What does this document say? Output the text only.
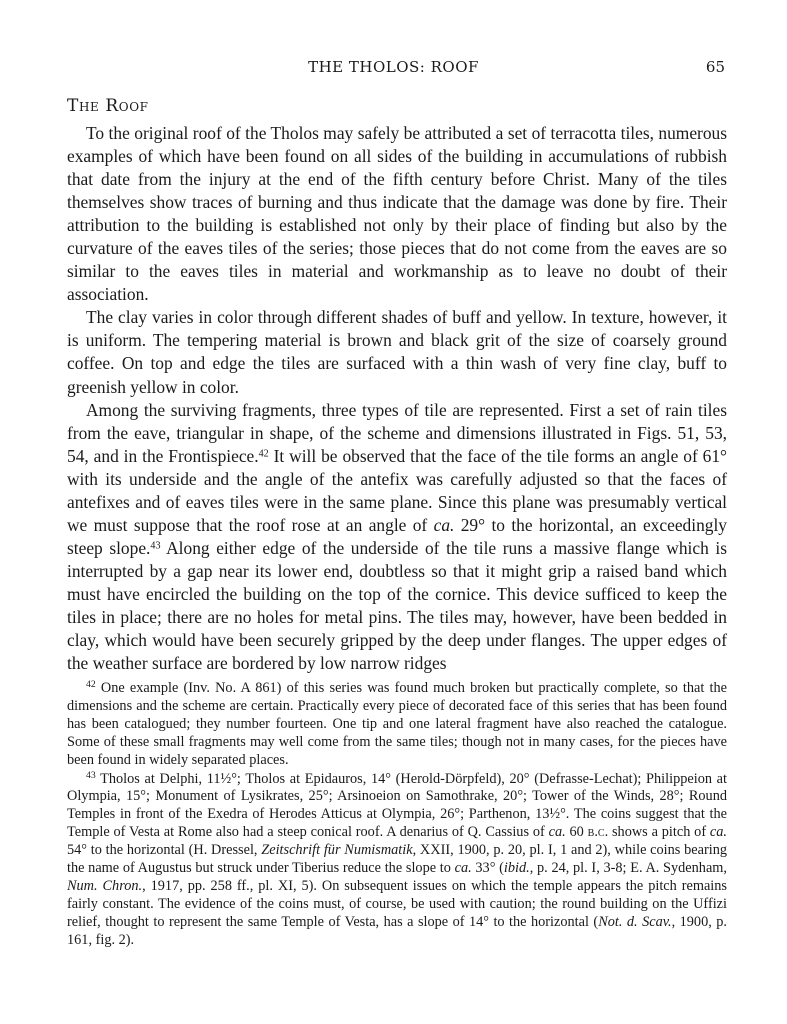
THE THOLOS: ROOF	65
The Roof

To the original roof of the Tholos may safely be attributed a set of terracotta tiles, numerous examples of which have been found on all sides of the building in accumulations of rubbish that date from the injury at the end of the fifth century before Christ. Many of the tiles themselves show traces of burning and thus indicate that the damage was done by fire. Their attribution to the building is established not only by their place of finding but also by the curvature of the eaves tiles of the series; those pieces that do not come from the eaves are so similar to the eaves tiles in material and workmanship as to leave no doubt of their association.

The clay varies in color through different shades of buff and yellow. In texture, however, it is uniform. The tempering material is brown and black grit of the size of coarsely ground coffee. On top and edge the tiles are surfaced with a thin wash of very fine clay, buff to greenish yellow in color.

Among the surviving fragments, three types of tile are represented. First a set of rain tiles from the eave, triangular in shape, of the scheme and dimensions illustrated in Figs. 51, 53, 54, and in the Frontispiece.$^{42}$ It will be observed that the face of the tile forms an angle of 61° with its underside and the angle of the antefix was carefully adjusted so that the faces of antefixes and of eaves tiles were in the same plane. Since this plane was presumably vertical we must suppose that the roof rose at an angle of ca. 29° to the horizontal, an exceedingly steep slope.$^{43}$ Along either edge of the underside of the tile runs a massive flange which is interrupted by a gap near its lower end, doubtless so that it might grip a raised band which must have encircled the building on the top of the cornice. This device sufficed to keep the tiles in place; there are no holes for metal pins. The tiles may, however, have been bedded in clay, which would have been securely gripped by the deep under flanges. The upper edges of the weather surface are bordered by low narrow ridges

$^{42}$ One example (Inv. No. A 861) of this series was found much broken but practically complete, so that the dimensions and the scheme are certain. Practically every piece of decorated face of this series that has been found has been catalogued; they number fourteen. One tip and one lateral fragment have also reached the catalogue. Some of these small fragments may well come from the same tiles; though not in many cases, for the pieces have been found in widely separated places.

$^{43}$ Tholos at Delphi, 11½°; Tholos at Epidauros, 14° (Herold-Dörpfeld), 20° (Defrasse-Lechat); Philippeion at Olympia, 15°; Monument of Lysikrates, 25°; Arsinoeion on Samothrake, 20°; Tower of the Winds, 28°; Round Temples in front of the Exedra of Herodes Atticus at Olympia, 26°; Parthenon, 13½°. The coins suggest that the Temple of Vesta at Rome also had a steep conical roof. A denarius of Q. Cassius of ca. 60 b.c. shows a pitch of ca. 54° to the horizontal (H. Dressel, Zeitschrift für Numismatik, XXII, 1900, p. 20, pl. I, 1 and 2), while coins bearing the name of Augustus but struck under Tiberius reduce the slope to ca. 33° (ibid., p. 24, pl. I, 3-8; E. A. Sydenham, Num. Chron., 1917, pp. 258 ff., pl. XI, 5). On subsequent issues on which the temple appears the pitch remains fairly constant. The evidence of the coins must, of course, be used with caution; the round building on the Uffizi relief, thought to represent the same Temple of Vesta, has a slope of 14° to the horizontal (Not. d. Scav., 1900, p. 161, fig. 2).
